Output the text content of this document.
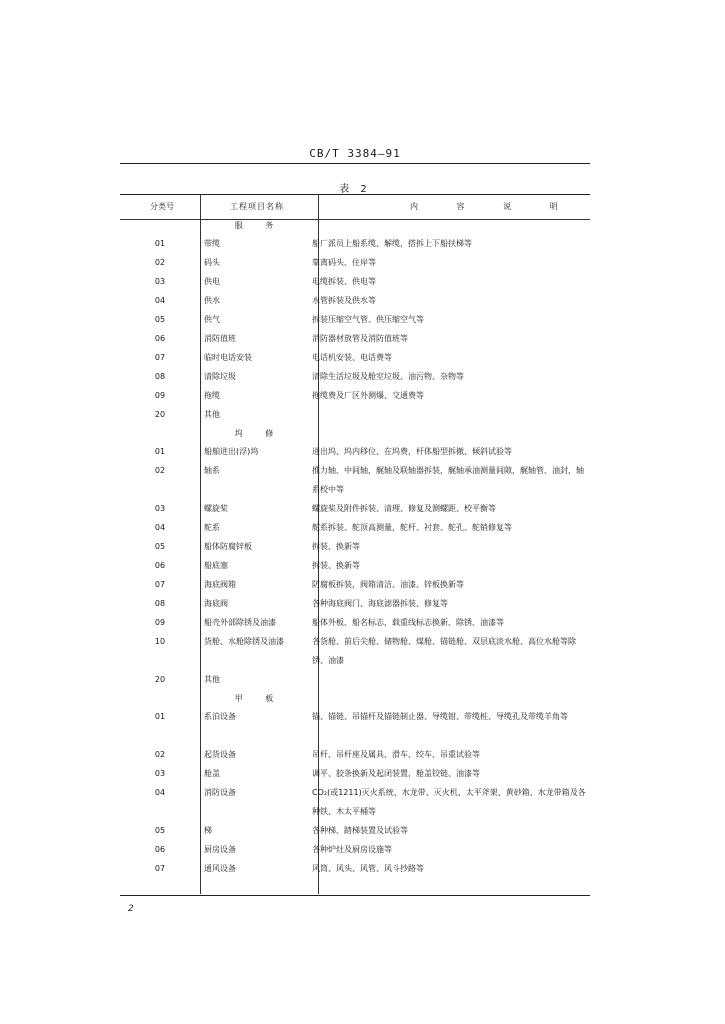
CB/T 3384—91
表 2
分类号	工程项目名称	内 容 说 明
服 务
01	带缆	船厂派员上船系缆、解缆，搭拆上下船扶梯等
02	码头	靠离码头、住岸等
03	供电	电缆拆装、供电等
04	供水	水管拆装及供水等
05	供气	拆装压缩空气管、供压缩空气等
06	消防值班	消防器材放管及消防值班等
07	临时电话安装	电话机安装、电话费等
08	清除垃圾	清除生活垃圾及舱室垃圾、油污物、杂物等
09	拖缆	拖缆费及厂区外测爆、交通费等
20	其他
坞 修
01	船舶进出(浮)坞	进出坞、坞内移位、在坞费，杆体船型拆撤、倾斜试验等
02	轴系	推力轴、中间轴，艉轴及联轴器拆装，艉轴承油测量间隙，艉轴管、油封，轴系校中等
03	螺旋桨	螺旋桨及附件拆装、清理、修复及测螺距、校平衡等
04	舵系	舵系拆装、舵顶高测量，舵杆、衬套、舵孔、舵销修复等
05	船体防腐锌板	拆装、换新等
06	船底塞	拆装、换新等
07	海底阀箱	防腐板拆装，阀箱清洁、油漆、锌板换新等
08	海底阀	各种海底阀门、海底滤器拆装、修复等
09	船壳外部除锈及油漆	船体外板、船名标志，载重线标志换新、除锈、油漆等
10	货舱、水舱除锈及油漆	各货舱、前后尖舱、储物舱、煤舱、锚链舱、双层底淡水舱、高位水舱等除锈、油漆
20	其他
甲 板
01	系泊设备	锚、锚链、吊锚杆及锚链制止器、导缆钳、带缆桩、导缆孔及带缆羊角等
02	起货设备	吊杆、吊杆座及属具、滑车、绞车、吊重试验等
03	舱盖	调平、胶条换新及起闭装置，舱盖铰链、油漆等
04	消防设备	CO₂(或1211)灭火系统、水龙带、灭火机、太平斧架、黄砂箱、水龙带箱及各种铁、木太平桶等
05	梯	各种梯、踏梯装置及试验等
06	厨房设备	各种炉灶及厨房设施等
07	通风设备	风筒、风头、风管、风斗抄路等
2
